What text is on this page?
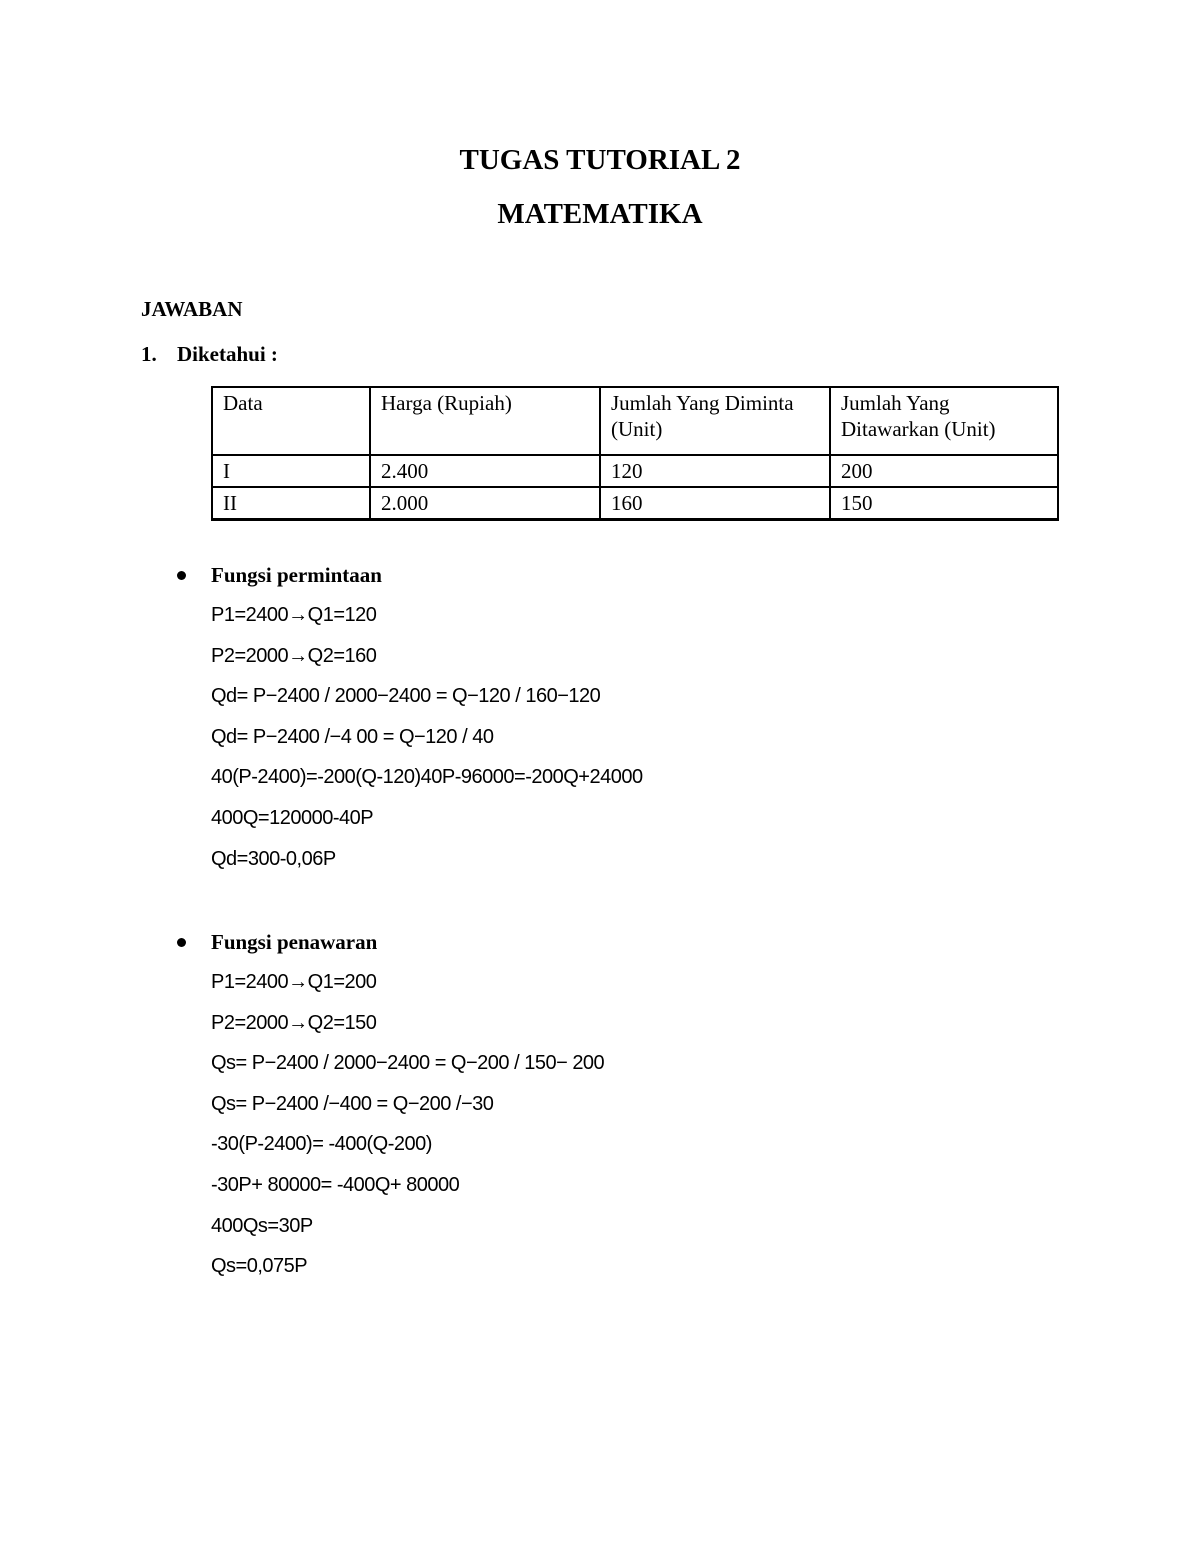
TUGAS TUTORIAL 2
MATEMATIKA

JAWABAN

1. Diketahui :

Data	Harga (Rupiah)	Jumlah Yang Diminta (Unit)	Jumlah Yang Ditawarkan (Unit)
I	2.400	120	200
II	2.000	160	150
Fungsi permintaan
P1=2400→Q1=120
P2=2000→Q2=160
Qd= P−2400 / 2000−2400 = Q−120 / 160−120
Qd= P−2400 /−4 00 = Q−120 / 40
40(P-2400)=-200(Q-120)40P-96000=-200Q+24000
400Q=120000-40P
Qd=300-0,06P
Fungsi penawaran
P1=2400→Q1=200
P2=2000→Q2=150
Qs= P−2400 / 2000−2400 = Q−200 / 150− 200
Qs= P−2400 /−400 = Q−200 /−30
-30(P-2400)= -400(Q-200)
-30P+ 80000= -400Q+ 80000
400Qs=30P
Qs=0,075P
